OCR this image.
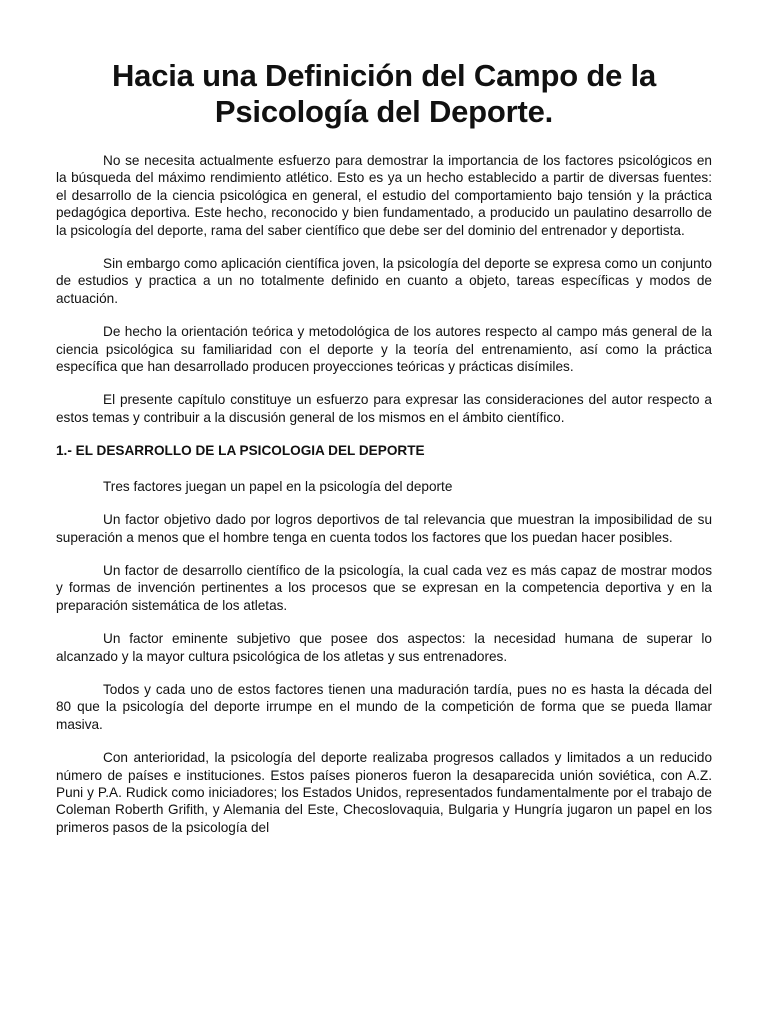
Hacia una Definición del Campo de la
Psicología del Deporte.

No se necesita actualmente esfuerzo para demostrar la importancia de los factores psicológicos en la búsqueda del máximo rendimiento atlético. Esto es ya un hecho establecido a partir de diversas fuentes: el desarrollo de la ciencia psicológica en general, el estudio del comportamiento bajo tensión y la práctica pedagógica deportiva. Este hecho, reconocido y bien fundamentado, a producido un paulatino desarrollo de la psicología del deporte, rama del saber científico que debe ser del dominio del entrenador y deportista.

Sin embargo como aplicación científica joven, la psicología del deporte se expresa como un conjunto de estudios y practica a un no totalmente definido en cuanto a objeto, tareas específicas y modos de actuación.

De hecho la orientación teórica y metodológica de los autores respecto al campo más general de la ciencia psicológica su familiaridad con el deporte y la teoría del entrenamiento, así como la práctica específica que han desarrollado producen proyecciones teóricas y prácticas disímiles.

El presente capítulo constituye un esfuerzo para expresar las consideraciones del autor respecto a estos temas y contribuir a la discusión general de los mismos en el ámbito científico.

1.- EL DESARROLLO DE LA PSICOLOGIA DEL DEPORTE

Tres factores juegan un papel en la psicología del deporte

Un factor objetivo dado por logros deportivos de tal relevancia que muestran la imposibilidad de su superación a menos que el hombre tenga en cuenta todos los factores que los puedan hacer posibles.

Un factor de desarrollo científico de la psicología, la cual cada vez es más capaz de mostrar modos y formas de invención pertinentes a los procesos que se expresan en la competencia deportiva y en la preparación sistemática de los atletas.

Un factor eminente subjetivo que posee dos aspectos: la necesidad humana de superar lo alcanzado y la mayor cultura psicológica de los atletas y sus entrenadores.

Todos y cada uno de estos factores tienen una maduración tardía, pues no es hasta la década del 80 que la psicología del deporte irrumpe en el mundo de la competición de forma que se pueda llamar masiva.

Con anterioridad, la psicología del deporte realizaba progresos callados y limitados a un reducido número de países e instituciones. Estos países pioneros fueron la desaparecida unión soviética, con A.Z. Puni y P.A. Rudick como iniciadores; los Estados Unidos, representados fundamentalmente por el trabajo de Coleman Roberth Grifith, y Alemania del Este, Checoslovaquia, Bulgaria y Hungría jugaron un papel en los primeros pasos de la psicología del
